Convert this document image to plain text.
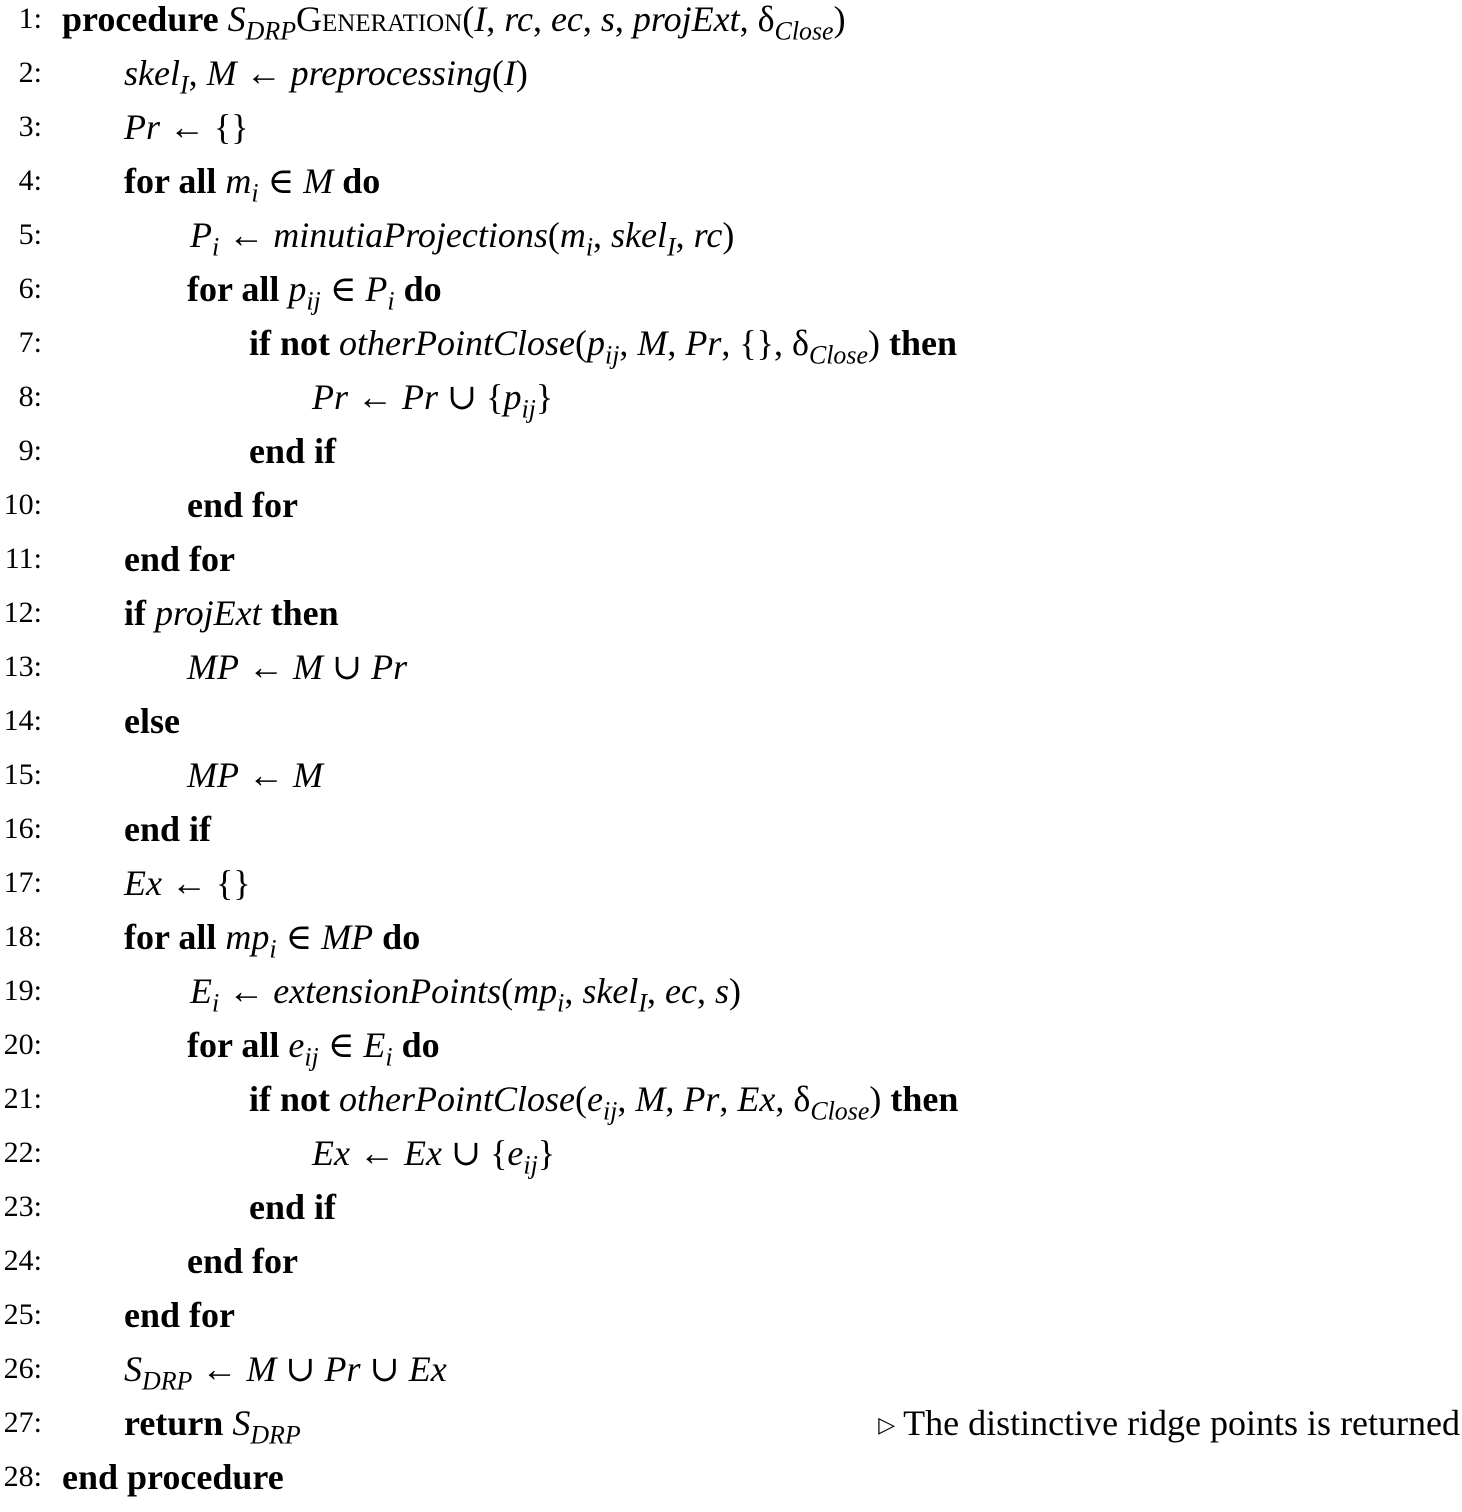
1: procedure $S_{DRP}Generation(I$, rc, ec, s, projExt, $\delta_{Close}$)
2: skel$_I$, M ← preprocessing(I)
3: Pr ← {}
4: for all $m_i$ ∈ M do
5:	$P_i$ ← $minutiaProjections(m_i$, skel$_I$, rc)
6:	for all $p_{ij}$ ∈ $P_i$ do
7:	if not $otherPointClose(p_{ij}$, M, Pr, {}, $\delta_{Close}$) then
8:	Pr ← Pr ∪ $\{p_{ij}\}$
9:	end if
10:	end for
11: end for
12: if projExt then
13:	MP ← M ∪ Pr
14: else
15:	MP ← M
16: end if
17: Ex ← {}
18: for all $mp_i$ ∈ MP do
19:	$E_i$ ← $extensionPoints(mp_i$, skel$_I$, ec, s)
20:	for all $e_{ij}$ ∈ $E_i$ do
21:	if not $otherPointClose(e_{ij}$, M, Pr, Ex, $\delta_{Close}$) then
22:	Ex ← Ex ∪ $\{e_{ij}\}$
23:	end if
24:	end for
25: end for
26: $S_{DRP}$ ← M ∪ Pr ∪ Ex
27: return $S_{DRP}$	▷ The distinctive ridge points is returned
28: end procedure
